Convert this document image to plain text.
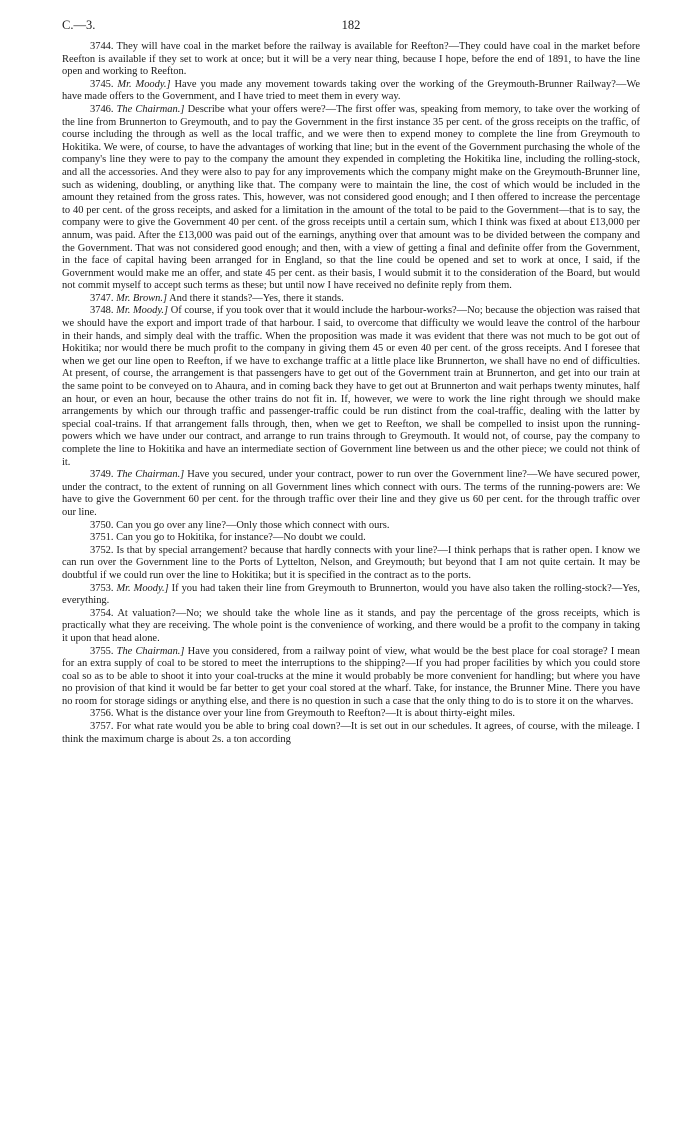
C.—3.	182

3744. They will have coal in the market before the railway is available for Reefton?—They could have coal in the market before Reefton is available if they set to work at once; but it will be a very near thing, because I hope, before the end of 1891, to have the line open and working to Reefton.

3745. Mr. Moody.] Have you made any movement towards taking over the working of the Greymouth-Brunner Railway?—We have made offers to the Government, and I have tried to meet them in every way.

3746. The Chairman.] Describe what your offers were?—The first offer was, speaking from memory, to take over the working of the line from Brunnerton to Greymouth, and to pay the Government in the first instance 35 per cent. of the gross receipts on the traffic, of course including the through as well as the local traffic, and we were then to expend money to complete the line from Greymouth to Hokitika. We were, of course, to have the advantages of working that line; but in the event of the Government purchasing the whole of the company's line they were to pay to the company the amount they expended in completing the Hokitika line, including the rolling-stock, and all the accessories. And they were also to pay for any improvements which the company might make on the Greymouth-Brunner line, such as widening, doubling, or anything like that. The company were to maintain the line, the cost of which would be included in the amount they retained from the gross rates. This, however, was not considered good enough; and I then offered to increase the percentage to 40 per cent. of the gross receipts, and asked for a limitation in the amount of the total to be paid to the Government—that is to say, the company were to give the Government 40 per cent. of the gross receipts until a certain sum, which I think was fixed at about £13,000 per annum, was paid. After the £13,000 was paid out of the earnings, anything over that amount was to be divided between the company and the Government. That was not considered good enough; and then, with a view of getting a final and definite offer from the Government, in the face of capital having been arranged for in England, so that the line could be opened and set to work at once, I said, if the Government would make me an offer, and state 45 per cent. as their basis, I would submit it to the consideration of the Board, but would not commit myself to accept such terms as these; but until now I have received no definite reply from them.

3747. Mr. Brown.] And there it stands?—Yes, there it stands.

3748. Mr. Moody.] Of course, if you took over that it would include the harbour-works?—No; because the objection was raised that we should have the export and import trade of that harbour. I said, to overcome that difficulty we would leave the control of the harbour in their hands, and simply deal with the traffic. When the proposition was made it was evident that there was not much to be got out of Hokitika; nor would there be much profit to the company in giving them 45 or even 40 per cent. of the gross receipts. And I foresee that when we get our line open to Reefton, if we have to exchange traffic at a little place like Brunnerton, we shall have no end of difficulties. At present, of course, the arrangement is that passengers have to get out of the Government train at Brunnerton, and get into our train at the same point to be conveyed on to Ahaura, and in coming back they have to get out at Brunnerton and wait perhaps twenty minutes, half an hour, or even an hour, because the other trains do not fit in. If, however, we were to work the line right through we should make arrangements by which our through traffic and passenger-traffic could be run distinct from the coal-traffic, dealing with the latter by special coal-trains. If that arrangement falls through, then, when we get to Reefton, we shall be compelled to insist upon the running-powers which we have under our contract, and arrange to run trains through to Greymouth. It would not, of course, pay the company to complete the line to Hokitika and have an intermediate section of Government line between us and the other piece; we could not think of it.

3749. The Chairman.] Have you secured, under your contract, power to run over the Government line?—We have secured power, under the contract, to the extent of running on all Government lines which connect with ours. The terms of the running-powers are: We have to give the Government 60 per cent. for the through traffic over their line and they give us 60 per cent. for the through traffic over our line.

3750. Can you go over any line?—Only those which connect with ours.

3751. Can you go to Hokitika, for instance?—No doubt we could.

3752. Is that by special arrangement? because that hardly connects with your line?—I think perhaps that is rather open. I know we can run over the Government line to the Ports of Lyttelton, Nelson, and Greymouth; but beyond that I am not quite certain. It may be doubtful if we could run over the line to Hokitika; but it is specified in the contract as to the ports.

3753. Mr. Moody.] If you had taken their line from Greymouth to Brunnerton, would you have also taken the rolling-stock?—Yes, everything.

3754. At valuation?—No; we should take the whole line as it stands, and pay the percentage of the gross receipts, which is practically what they are receiving. The whole point is the convenience of working, and there would be a profit to the company in taking it upon that head alone.

3755. The Chairman.] Have you considered, from a railway point of view, what would be the best place for coal storage? I mean for an extra supply of coal to be stored to meet the interruptions to the shipping?—If you had proper facilities by which you could store coal so as to be able to shoot it into your coal-trucks at the mine it would probably be more convenient for handling; but where you have no provision of that kind it would be far better to get your coal stored at the wharf. Take, for instance, the Brunner Mine. There you have no room for storage sidings or anything else, and there is no question in such a case that the only thing to do is to store it on the wharves.

3756. What is the distance over your line from Greymouth to Reefton?—It is about thirty-eight miles.

3757. For what rate would you be able to bring coal down?—It is set out in our schedules. It agrees, of course, with the mileage. I think the maximum charge is about 2s. a ton according
